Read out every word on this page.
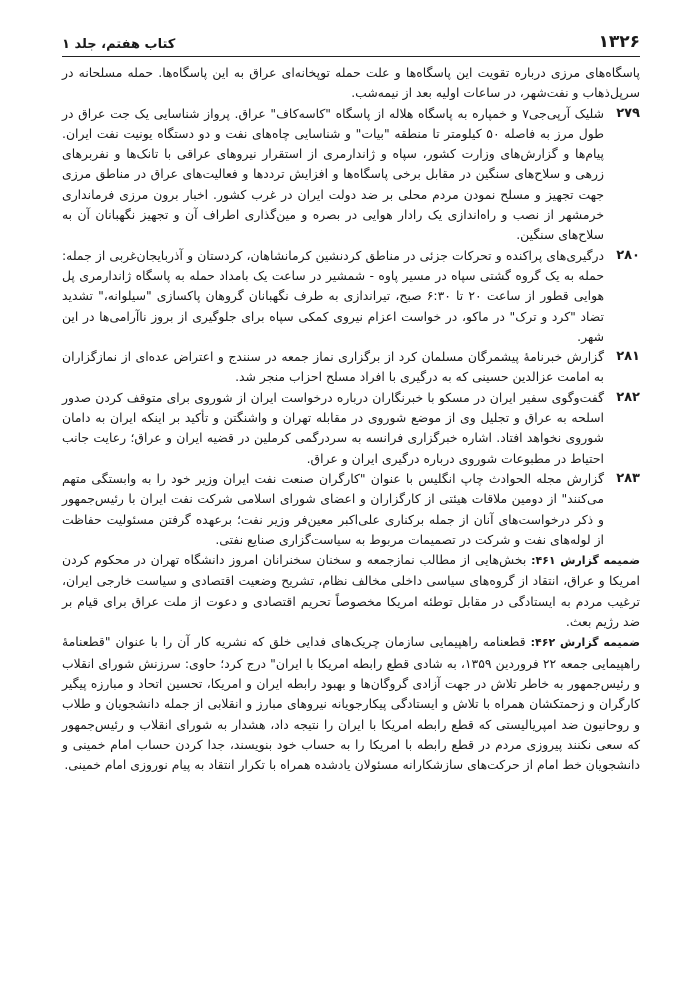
۱۳۲۶
کتاب هفتم، جلد ۱

پاسگاه‌های مرزی درباره تقویت این پاسگاه‌ها و علت حمله توپخانه‌ای عراق به این پاسگاه‌ها. حمله مسلحانه در سرپل‌ذهاب و نفت‌شهر، در ساعات اولیه بعد از نیمه‌شب.

۲۷۹
شلیک آرپی‌جی۷ و خمپاره به پاسگاه هلاله از پاسگاه "کاسه‌کاف" عراق. پرواز شناسایی یک جت عراق در طول مرز به فاصله ۵۰ کیلومتر تا منطقه "بیات" و شناسایی چاه‌های نفت و دو دستگاه یونیت نفت ایران. پیام‌ها و گزارش‌های وزارت کشور، سپاه و ژاندارمری از استقرار نیروهای عراقی با تانک‌ها و نفربرهای زرهی و سلاح‌های سنگین در مقابل برخی پاسگاه‌ها و افزایش ترددها و فعالیت‌های عراق در مناطق مرزی جهت تجهیز و مسلح نمودن مردم محلی بر ضد دولت ایران در غرب کشور. اخبار برون مرزی فرمانداری خرمشهر از نصب و راه‌اندازی یک رادار هوایی در بصره و مین‌گذاری اطراف آن و تجهیز نگهبانان آن به سلاح‌های سنگین.
۲۸۰
درگیری‌های پراکنده و تحرکات جزئی در مناطق کردنشین کرمانشاهان، کردستان و آذربایجان‌غربی از جمله: حمله به یک گروه گشتی سپاه در مسیر پاوه - شمشیر در ساعت یک بامداد حمله به پاسگاه ژاندارمری پل هوایی قطور از ساعت ۲۰ تا ۶:۳۰ صبح، تیراندازی به طرف نگهبانان گروهان پاکسازی "سیلوانه،" تشدید تضاد "کرد و ترک" در ماکو، در خواست اعزام نیروی کمکی سپاه برای جلوگیری از بروز ناآرامی‌ها در این شهر.
۲۸۱
گزارش خبرنامهٔ پیشمرگان مسلمان کرد از برگزاری نماز جمعه در سنندج و اعتراض عده‌ای از نمازگزاران به امامت عزالدین حسینی که به درگیری با افراد مسلح احزاب منجر شد.
۲۸۲
گفت‌وگوی سفیر ایران در مسکو با خبرنگاران درباره درخواست ایران از شوروی برای متوقف کردن صدور اسلحه به عراق و تجلیل وی از موضع شوروی در مقابله تهران و واشنگتن و تأکید بر اینکه ایران به دامان شوروی نخواهد افتاد. اشاره خبرگزاری فرانسه به سردرگمی کرملین در قضیه ایران و عراق؛ رعایت جانب احتیاط در مطبوعات شوروی درباره درگیری ایران و عراق.
۲۸۳
گزارش مجله الحوادث چاپ انگلیس با عنوان "کارگران صنعت نفت ایران وزیر خود را به وابستگی متهم می‌کنند" از دومین ملاقات هیئتی از کارگزاران و اعضای شورای اسلامی شرکت نفت ایران با رئیس‌جمهور و ذکر درخواست‌های آنان از جمله برکناری علی‌اکبر معین‌فر وزیر نفت؛ برعهده گرفتن مسئولیت حفاظت از لوله‌های نفت و شرکت در تصمیمات مربوط به سیاست‌گزاری صنایع نفتی.

ضمیمه گزارش ۴۶۱: بخش‌هایی از مطالب نمازجمعه و سخنان سخنرانان امروز دانشگاه تهران در محکوم کردن امریکا و عراق، انتقاد از گروه‌های سیاسی داخلی مخالف نظام، تشریح وضعیت اقتصادی و سیاست خارجی ایران، ترغیب مردم به ایستادگی در مقابل توطئه امریکا مخصوصاً تحریم اقتصادی و دعوت از ملت عراق برای قیام بر ضد رژیم بعث.

ضمیمه گزارش ۴۶۲: قطعنامه راهپیمایی سازمان چریک‌های فدایی خلق که نشریه کار آن را با عنوان "قطعنامهٔ راهپیمایی جمعه ۲۲ فروردین ۱۳۵۹، به شادی قطع رابطه امریکا با ایران" درج کرد؛ حاوی: سرزنش شورای انقلاب و رئیس‌جمهور به خاطر تلاش در جهت آزادی گروگان‌ها و بهبود رابطه ایران و امریکا، تحسین اتحاد و مبارزه پیگیر کارگران و زحمتکشان همراه با تلاش و ایستادگی پیکارجویانه نیروهای مبارز و انقلابی از جمله دانشجویان و طلاب و روحانیون ضد امپریالیستی که قطع رابطه امریکا با ایران را نتیجه داد، هشدار به شورای انقلاب و رئیس‌جمهور که سعی نکنند پیروزی مردم در قطع رابطه با امریکا را به حساب خود بنویسند، جدا کردن حساب امام خمینی و دانشجویان خط امام از حرکت‌های سازشکارانه مسئولان یادشده همراه با تکرار انتقاد به پیام نوروزی امام خمینی.
